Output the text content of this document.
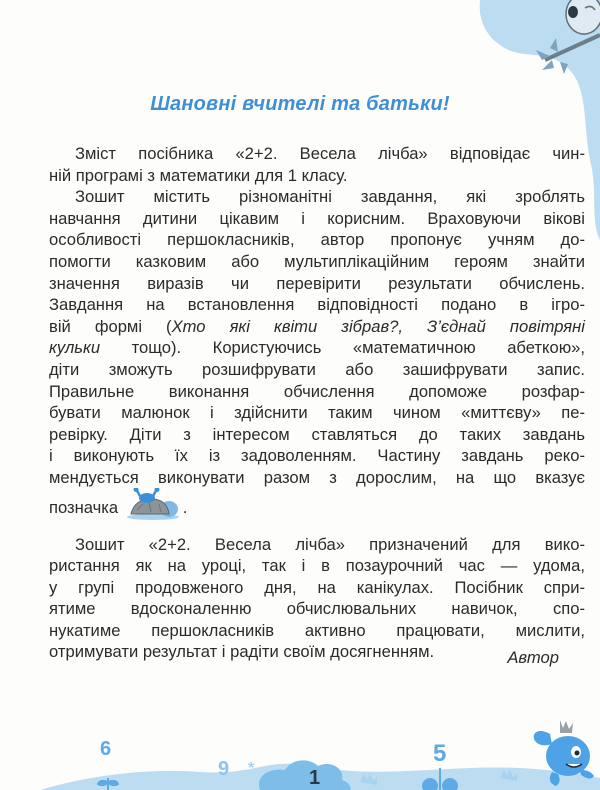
Шановні вчителі та батьки!
Зміст посібника «2+2. Весела лічба» відповідає чин-
ній програмі з математики для 1 класу.
Зошит містить різноманітні завдання, які зроблять
навчання дитини цікавим і корисним. Враховуючи вікові
особливості першокласників, автор пропонує учням до-
помогти казковим або мультиплікаційним героям знайти
значення виразів чи перевірити результати обчислень.
Завдання на встановлення відповідності подано в ігро-
вій формі (Хто які квіти зібрав?, З’єднай повітряні
кульки тощо). Користуючись «математичною абеткою»,
діти зможуть розшифрувати або зашифрувати запис.
Правильне виконання обчислення допоможе розфар-
бувати малюнок і здійснити таким чином «миттєву» пе-
ревірку. Діти з інтересом ставляться до таких завдань
і виконують їх із задоволенням. Частину завдань реко-
мендується виконувати разом з дорослим, на що вказує
позначка	.
Зошит «2+2. Весела лічба» призначений для вико-
ристання як на уроці, так і в позаурочний час — удома,
у групі продовженого дня, на канікулах. Посібник спри-
ятиме вдосконаленню обчислювальних навичок, спо-
нукатиме першокласників активно працювати, мислити,
отримувати результат і радіти своїм досягненням.	Автор
6
9 *
5
1
